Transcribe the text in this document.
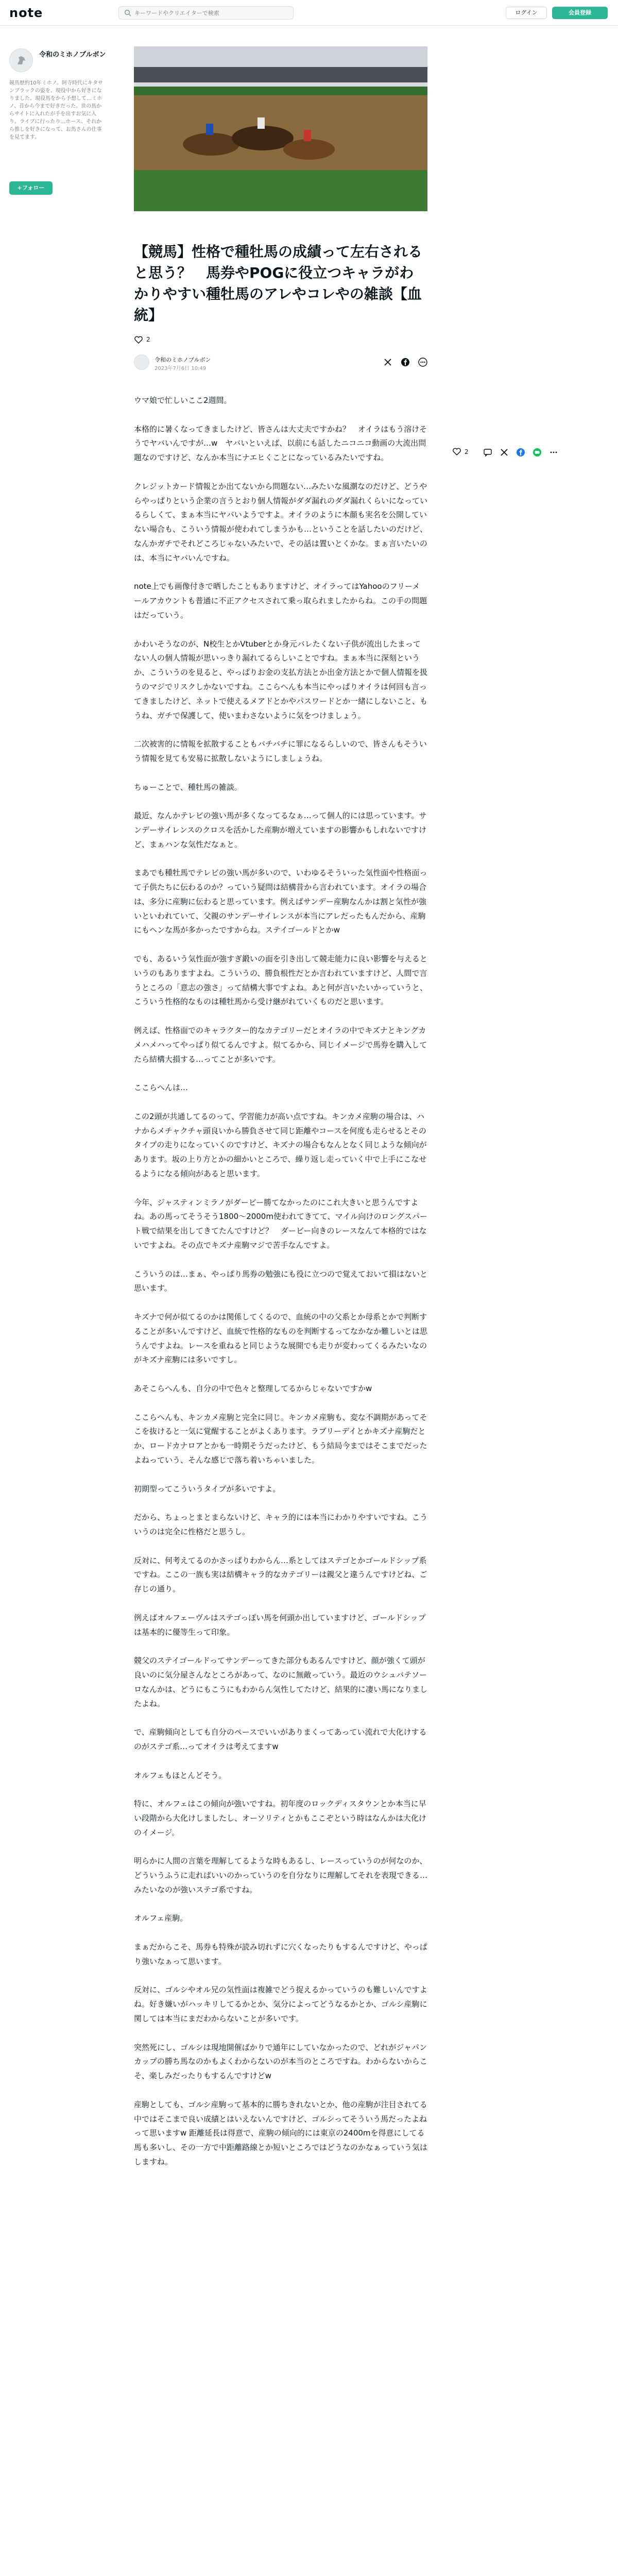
note
キーワードやクリエイターで検索	ログイン	会員登録
令和のミホノブルボン
競馬歴約10年ミホノ。阿寺時代にキタサンブラックの姿を、現役中から好きになりました。現役馬をから予想して…ミホノ、昔から今まで好きだった。世の馬からサイトに入れたが手を出すお気に入り。ライブに行ったり…ホース、それから推しを好きになって、お馬さんの仕事を見てます。
+フォロー
【競馬】性格で種牡馬の成績って左右されると思う？　馬券やPOGに役立つキャラがわかりやすい種牡馬のアレやコレやの雑談【血統】
2
令和のミホノブルボン
2023年7月6日 10:49
2

ウマ娘で忙しいここ2週間。

本格的に暑くなってきましたけど、皆さんは大丈夫ですかね？　オイラはもう溶けそうでヤバいんですが…w　ヤバいといえば、以前にも話したニコニコ動画の大流出問題なのですけど、なんか本当にナエヒくことになっているみたいですね。

クレジットカード情報とか出てないから問題ない…みたいな風潮なのだけど、どうやらやっぱりという企業の言うとおり個人情報がダダ漏れのダダ漏れくらいになっているらしくて、まぁ本当にヤバいようですよ。オイラのように本顔も実名を公開していない場合も、こういう情報が使われてしまうかも…ということを話したいのだけど、なんかガチでそれどころじゃないみたいで、その話は置いとくかな。まぁ言いたいのは、本当にヤバいんですね。

note上でも画像付きで晒したこともありますけど、オイラってはYahooのフリーメールアカウントも普通に不正アクセスされて乗っ取られましたからね。この手の問題はだっていう。

かわいそうなのが、N校生とかVtuberとか身元バレたくない子供が流出したまってない人の個人情報が思いっきり漏れてるらしいことですね。まぁ本当に深刻というか、こういうのを見ると、やっぱりお金の支払方法とか出金方法とかで個人情報を扱うのマジでリスクしかないですね。ここらへんも本当にやっぱりオイラは何回も言ってきましたけど、ネットで使えるメアドとかやパスワードとか一緒にしないこと、もうね、ガチで保護して、使いまわさないように気をつけましょう。

二次被害的に情報を拡散することもバチバチに罪になるらしいので、皆さんもそういう情報を見ても安易に拡散しないようにしましょうね。

ちゅーことで、種牡馬の雑談。

最近、なんかテレビの強い馬が多くなってるなぁ…って個人的には思っています。サンデーサイレンスのクロスを活かした産駒が増えていますの影響かもしれないですけど、まぁハンな気性だなぁと。

まあでも種牡馬でテレビの強い馬が多いので、いわゆるそういった気性面や性格面って子供たちに伝わるのか？っていう疑問は結構昔から言われています。オイラの場合は、多分に産駒に伝わると思っています。例えばサンデー産駒なんかは割と気性が強いといわれていて、父親のサンデーサイレンスが本当にアレだったもんだから、産駒にもヘンな馬が多かったですからね。ステイゴールドとかw

でも、あるいう気性面が強すぎ鍛いの面を引き出して競走能力に良い影響を与えるというのもありますよね。こういうの、勝負根性だとか言われていますけど、人間で言うところの「意志の強さ」って結構大事ですよね。あと何が言いたいかっていうと、こういう性格的なものは種牡馬から受け継がれていくものだと思います。

例えば、性格面でのキャラクター的なカテゴリーだとオイラの中でキズナとキングカメハメハってやっぱり似てるんですよ。似てるから、同じイメージで馬券を購入してたら結構大損する…ってことが多いです。

ここらへんは…

この2頭が共通してるのって、学習能力が高い点ですね。キンカメ産駒の場合は、ハナからメチャクチャ頭良いから勝負させて同じ距離やコースを何度も走らせるとそのタイプの走りになっていくのですけど、キズナの場合もなんとなく同じような傾向があります。坂の上り方とかの細かいところで、繰り返し走っていく中で上手にこなせるようになる傾向があると思います。

今年、ジャスティンミラノがダービー勝てなかったのにこれ大きいと思うんですよね。あの馬ってそうそう1800〜2000m使われてきてて、マイル向けのロングスパート戦で結果を出してきてたんですけど？　ダービー向きのレースなんて本格的ではないですよね。その点でキズナ産駒マジで苦手なんですよ。

こういうのは…まぁ、やっぱり馬券の勉強にも役に立つので覚えておいて損はないと思います。

キズナで何が似てるのかは関係してくるので、血統の中の父系とか母系とかで判断することが多いんですけど、血統で性格的なものを判断するってなかなか難しいとは思うんですよね。レースを重ねると同じような展開でも走りが変わってくるみたいなのがキズナ産駒には多いですし。

あそこらへんも、自分の中で色々と整理してるからじゃないですかw

ここらへんも、キンカメ産駒と完全に同じ。キンカメ産駒も、変な不調期があってそこを抜けると一気に覚醒することがよくあります。ラブリーデイとかキズナ産駒だとか、ロードカナロアとかも一時期そうだったけど、もう結局今まではそこまでだったよねっていう、そんな感じで落ち着いちゃいました。

初期型ってこういうタイプが多いですよ。

だから、ちょっとまとまらないけど、キャラ的には本当にわかりやすいですね。こういうのは完全に性格だと思うし。

反対に、何考えてるのかさっぱりわからん…系としてはステゴとかゴールドシップ系ですね。ここの一族も実は結構キャラ的なカテゴリーは親父と違うんですけどね、ご存じの通り。

例えばオルフェーヴルはステゴっぽい馬を何頭か出していますけど、ゴールドシップは基本的に優等生って印象。

競父のステイゴールドってサンデーってきた部分もあるんですけど、顔が強くて頭が良いのに気分屋さんなところがあって、なのに無敵っていう。最近のウシュバテソーロなんかは、どうにもこうにもわからん気性してたけど、結果的に凄い馬になりましたよね。

で、産駒傾向としても自分のペースでいいがありまくってあってい流れで大化けするのがステゴ系…ってオイラは考えてますw

オルフェもほとんどそう。

特に、オルフェはこの傾向が強いですね。初年度のロックディスタウンとか本当に早い段階から大化けしましたし、オーソリティとかもここぞという時はなんかは大化けのイメージ。

明らかに人間の言葉を理解してるような時もあるし、レースっていうのが何なのか、どういうふうに走ればいいのかっていうのを自分なりに理解してそれを表現できる…みたいなのが強いステゴ系ですね。

オルフェ産駒。

まぁだからこそ、馬券も特殊が読み切れずに穴くなったりもするんですけど、やっぱり強いなぁって思います。

反対に、ゴルシやオル兄の気性面は複雑でどう捉えるかっていうのも難しいんですよね。好き嫌いがハッキリしてるかとか、気分によってどうなるかとか、ゴルシ産駒に関しては本当にまだわからないことが多いです。

突然死にし、ゴルシは現地開催ばかりで通年にしていなかったので、どれがジャパンカップの勝ち馬なのかもよくわからないのが本当のところですね。わからないからこそ、楽しみだったりもするんですけどw

産駒としても、ゴルシ産駒って基本的に勝ちきれないとか、他の産駒が注目されてる中ではそこまで良い成績とはいえないんですけど、ゴルシってそういう馬だったよねって思いますw 距離延長は得意で、産駒の傾向的には東京の2400mを得意にしてる馬も多いし、その一方で中距離路線とか短いところではどうなのかなぁっていう気はしますね。
